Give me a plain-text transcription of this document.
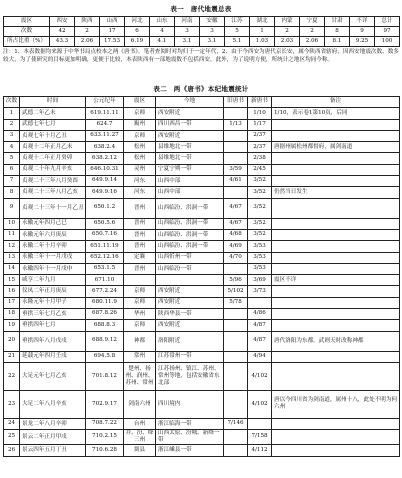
表一　唐代地震总表
震区	西安	陕西	山西	河北	山东	河南	安徽	江苏	湖北	内蒙	宁夏	甘肃	不详	总计
次数	42	2	17	6	4	3	3	5	1	2	2	8	9	97
所占比重（%）	43.3	2.06	17.53	6.19	4.1	3.1	3.1	5.1	1.03	2.03	2.06	8.1	9.25	100
注：1、本表数据均来源于中华书局点校本之两《唐书》。笔者查阅时对均归于一定年代，2、由于今西安为唐代京长安，属今陕西省辖府，因西安地震次数、数多较大，为了使研究的目标更加明确，更便于比较，本表陕西有一部地震数不包括西安，此外，为了说明方便，所统计之地区均同今称。
表二　两《唐书》本纪地震统计
次数	时间	公元纪年	震区	今地	旧唐书	新唐书	备注
1	武德二年乙未	619.11.11	京师	西安附近		1/10	1/10，表示卷1第10页，后同
2	武德七年七月	624.7	巂州	四川西昌一带	1/13	1/17	
3	贞观七年十月乙丑	633.11.27	京师	西安附近		2/37	
4	贞观十二年正月乙未	638.2.4	松州	县维地北一带		2/37	唐据州属松州都督府，属剑南道
5	贞观十二年正月癸卯	638.2.12	松州	县维地北一带		2/38	
6	贞观二十年九月辛亥	646.10.31	灵州	宁夏宁朔一带	3/59	2/45	
7	贞观二十三年八月癸酉	649.9.14	河东	山西中部	4/61	3/52	
8	贞观二十三年八月乙亥	649.9.16	河东	山西中部		3/52	仍然当日发生
9	贞观二十三年十一月乙丑	650.1.2	晋州	山西临汾、洪洞一带	4/67	3/52	
10	永徽元年四月己巳	650.5.6	晋州	山西临汾、洪洞一带	4/67	3/52	
11	永徽元年六月庚辰	650.7.16	晋州	山西临汾、洪洞一带	4/68	3/52	
12	永徽二年十月辛卯	651.11.19	晋州	山西临汾、洪洞一带	4/69	3/53	
13	永徽三年十一月戊戌	652.12.16	定襄	山西忻州一带	4/70	3/53	
14	永徽四年十一月戊申	653.1.5	晋州	山西临汾一带		3/53	
15	咸亨二年九月	671.10			5/96	3/69	震区不详
16	仪凤二年正月庚辰	677.2.24	京师	西安附近	5/102	3/73	
17	永隆元年十月甲子	680.11.9	京师	西安附近	5/78		
18	垂拱三年七月乙亥	687.8.26	华州	陕西华县一带		4/86	
19	垂拱四年七月	688.8.3	京师	西安附近		4/87	
20	垂拱四年八月戊戌	688.9.12	神都	洛阳附近		4/87	唐代洛阳为东都，武则天时改称神都
21	延载元年四月壬戌	694.5.8	常州	江苏常州一带		4/94	
22	大足元年七月乙亥	701.8.12	楚州、扬州、润州、苏州、常州	江苏扬州、镇江、苏州、常州等地，包括安徽省东北部		4/102	
23	大足二年八月辛亥	702.9.17	剑南六州	四川境内		4/102	唐以今四川省为剑南道，属州十八，此处不明为何六州
24	景龙二年八月辛卯	708.7.22	台州	浙江临海一带	7/146		
25	景云二年正月甲戌	710.2.15	并、汾、绛三州	山西太原、汾城、新绛一带		7/158	
26	景云四年五月丁丑	710.6.28	剡县	浙江嵊县一带		4/112	
